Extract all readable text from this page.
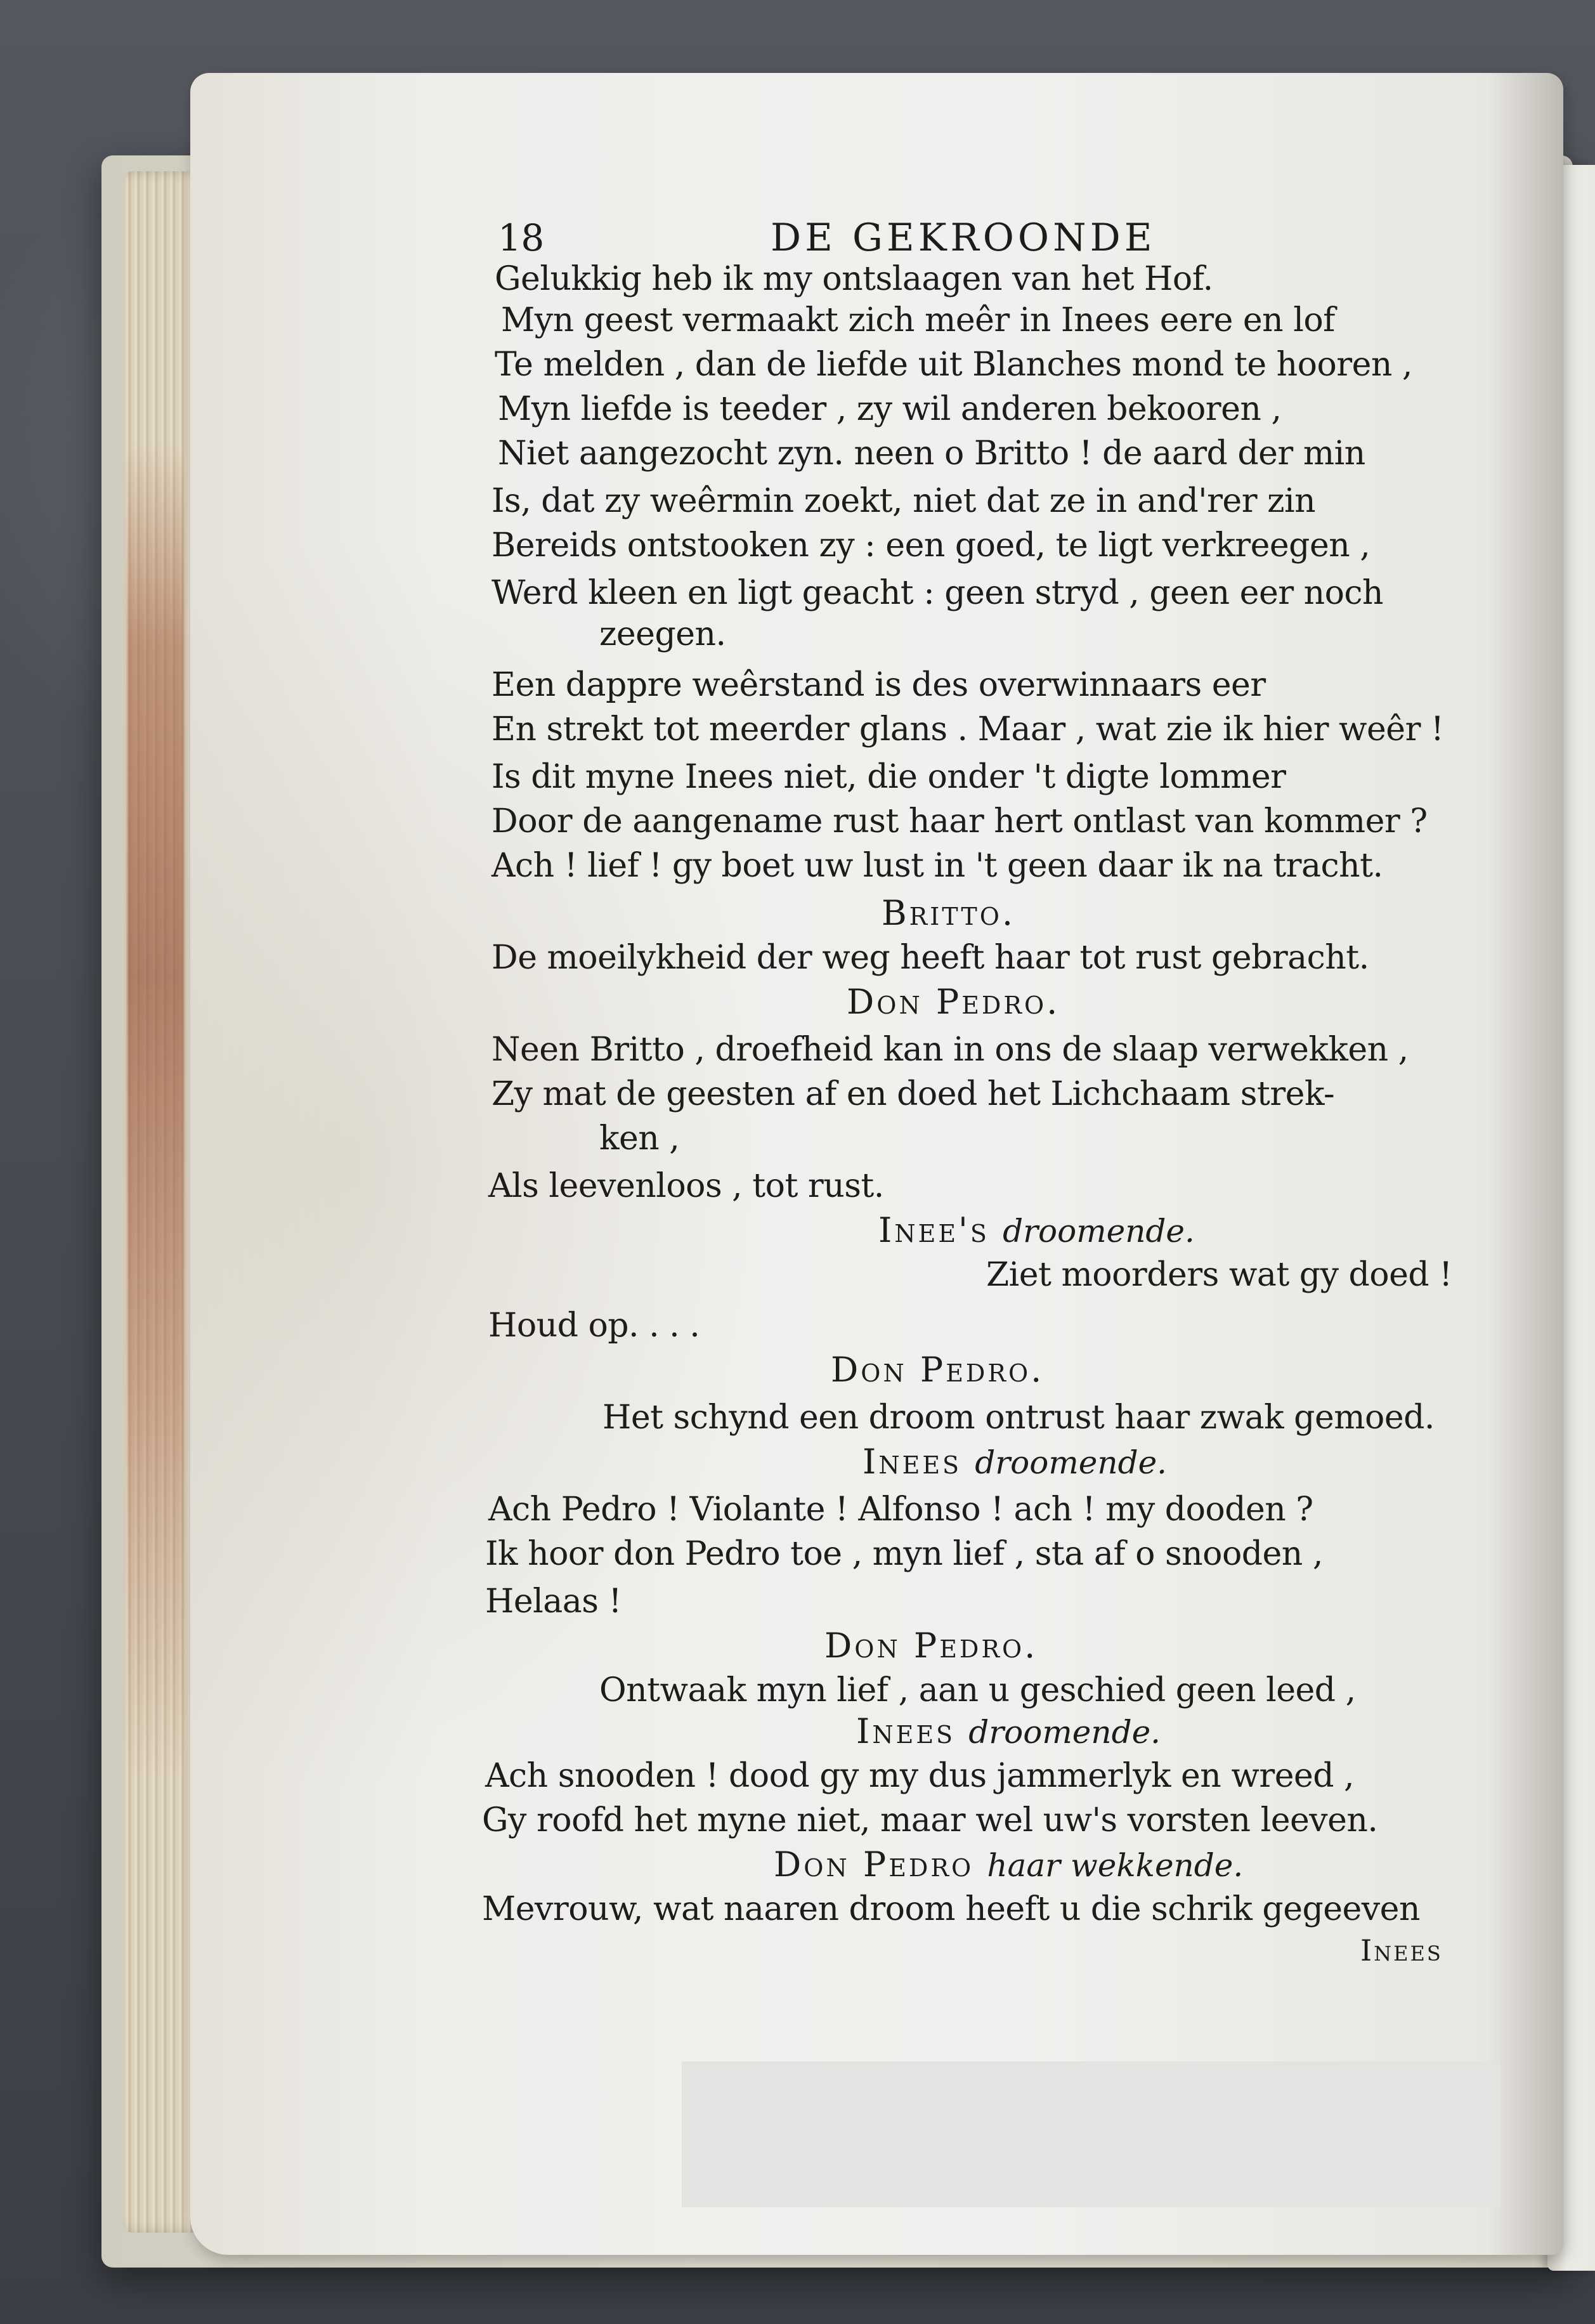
18	DE GEKROONDE
Gelukkig heb ik my ontslaagen van het Hof.
Myn geest vermaakt zich meêr in Inees eere en lof
Te melden , dan de liefde uit Blanches mond te hooren ,
Myn liefde is teeder , zy wil anderen bekooren ,
Niet aangezocht zyn. neen o Britto ! de aard der min
Is, dat zy weêrmin zoekt, niet dat ze in and'rer zin
Bereids ontstooken zy : een goed, te ligt verkreegen ,
Werd kleen en ligt geacht : geen stryd , geen eer noch
zeegen.
Een dappre weêrstand is des overwinnaars eer
En strekt tot meerder glans . Maar , wat zie ik hier weêr !
Is dit myne Inees niet, die onder 't digte lommer
Door de aangename rust haar hert ontlast van kommer ?
Ach ! lief ! gy boet uw lust in 't geen daar ik na tracht.
Britto.
De moeilykheid der weg heeft haar tot rust gebracht.
Don Pedro.
Neen Britto , droefheid kan in ons de slaap verwekken ,
Zy mat de geesten af en doed het Lichchaam strek-
ken ,
Als leevenloos , tot rust.
Inee's droomende.
Ziet moorders wat gy doed !
Houd op. . . .
Don Pedro.
Het schynd een droom ontrust haar zwak gemoed.
Inees droomende.
Ach Pedro ! Violante ! Alfonso ! ach ! my dooden ?
Ik hoor don Pedro toe , myn lief , sta af o snooden ,
Helaas !
Don Pedro.
Ontwaak myn lief , aan u geschied geen leed ,
Inees droomende.
Ach snooden ! dood gy my dus jammerlyk en wreed ,
Gy roofd het myne niet, maar wel uw's vorsten leeven.
Don Pedro haar wekkende.
Mevrouw, wat naaren droom heeft u die schrik gegeeven
Inees
